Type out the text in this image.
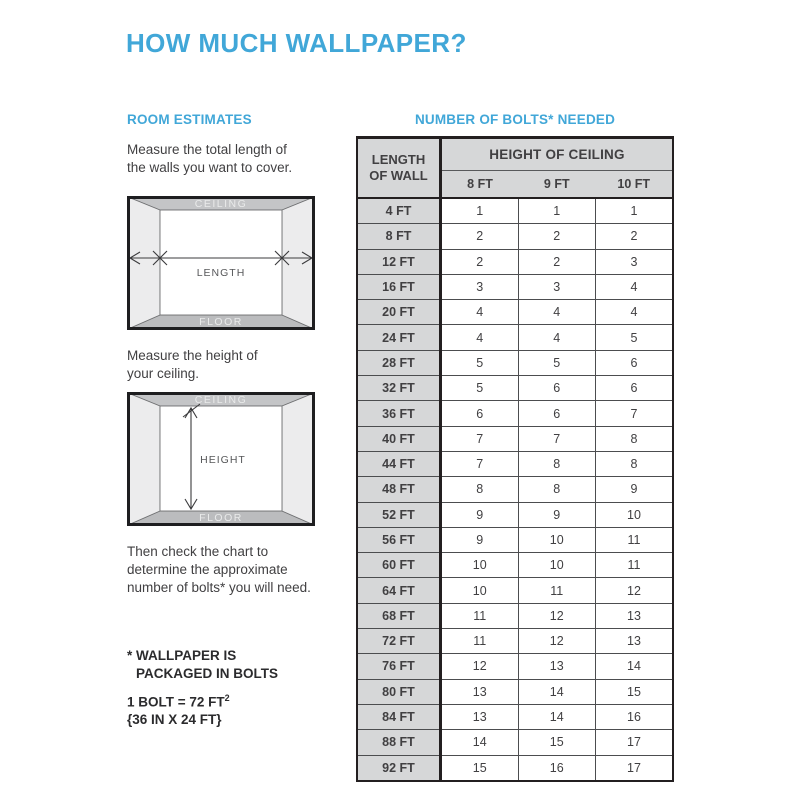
HOW MUCH WALLPAPER?
ROOM ESTIMATES

Measure the total length of
the walls you want to cover.

CEILING
FLOOR
LENGTH

Measure the height of
your ceiling.

CEILING
FLOOR
HEIGHT

Then check the chart to
determine the approximate
number of bolts* you will need.

* WALLPAPER IS
PACKAGED IN BOLTS

1 BOLT = 72 $FT^2$
{36 IN X 24 FT}

NUMBER OF BOLTS* NEEDED
LENGTH
OF WALL	HEIGHT OF CEILING		
	8 FT	9 FT	10 FT
4 FT	1	1	1
8 FT	2	2	2
12 FT	2	2	3
16 FT	3	3	4
20 FT	4	4	4
24 FT	4	4	5
28 FT	5	5	6
32 FT	5	6	6
36 FT	6	6	7
40 FT	7	7	8
44 FT	7	8	8
48 FT	8	8	9
52 FT	9	9	10
56 FT	9	10	11
60 FT	10	10	11
64 FT	10	11	12
68 FT	11	12	13
72 FT	11	12	13
76 FT	12	13	14
80 FT	13	14	15
84 FT	13	14	16
88 FT	14	15	17
92 FT	15	16	17
